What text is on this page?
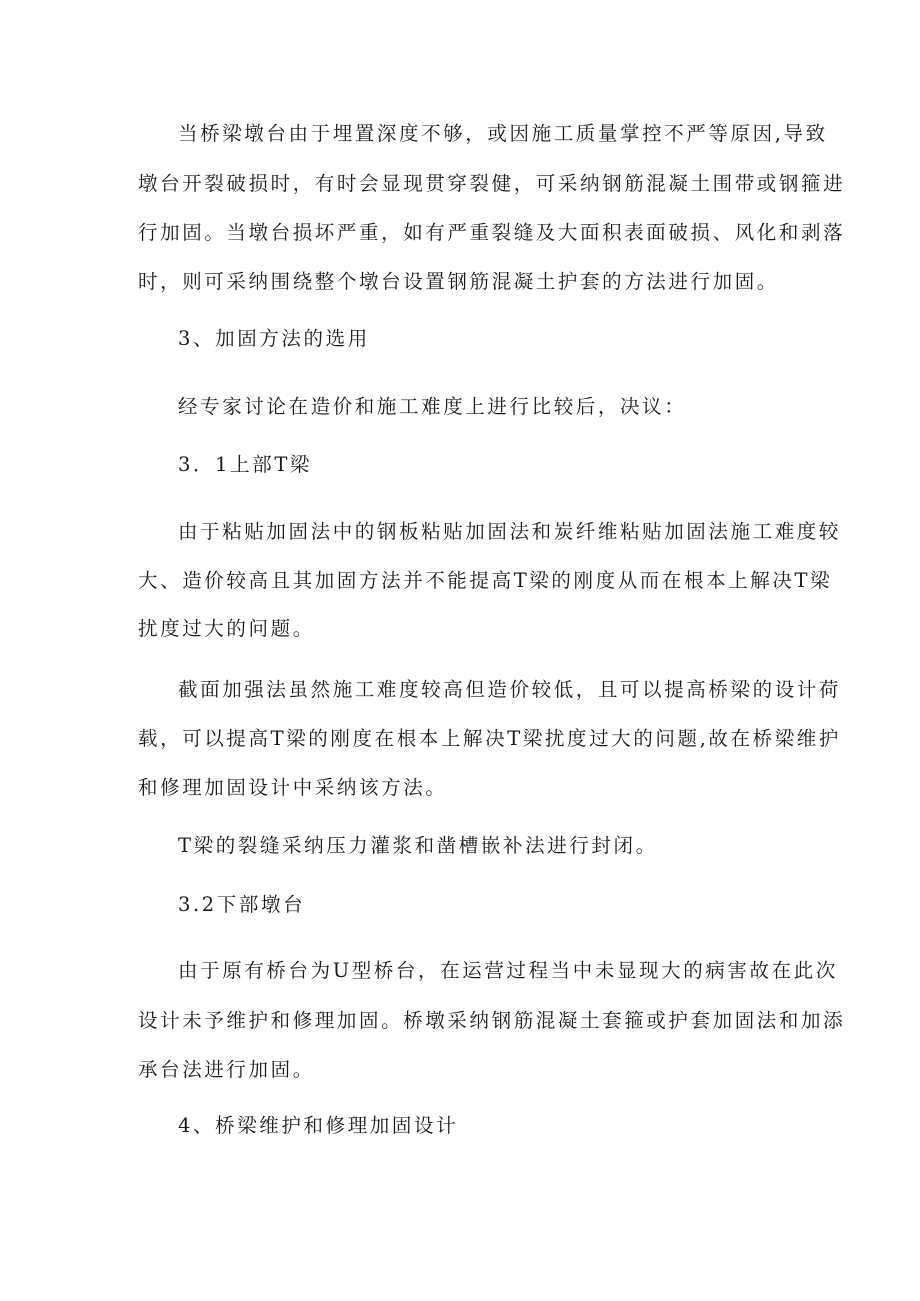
当桥梁墩台由于埋置深度不够，或因施工质量掌控不严等原因,导致
墩台开裂破损时，有时会显现贯穿裂健，可采纳钢筋混凝土围带或钢箍进
行加固。当墩台损坏严重，如有严重裂缝及大面积表面破损、风化和剥落
时，则可采纳围绕整个墩台设置钢筋混凝土护套的方法进行加固。
3、加固方法的选用
经专家讨论在造价和施工难度上进行比较后，决议：
3．1上部T梁
由于粘贴加固法中的钢板粘贴加固法和炭纤维粘贴加固法施工难度较
大、造价较高且其加固方法并不能提高T梁的刚度从而在根本上解决T梁
扰度过大的问题。
截面加强法虽然施工难度较高但造价较低，且可以提高桥梁的设计荷
载，可以提高T梁的刚度在根本上解决T梁扰度过大的问题,故在桥梁维护
和修理加固设计中采纳该方法。
T梁的裂缝采纳压力灌浆和凿槽嵌补法进行封闭。
3.2下部墩台
由于原有桥台为U型桥台，在运营过程当中未显现大的病害故在此次
设计未予维护和修理加固。桥墩采纳钢筋混凝土套箍或护套加固法和加添
承台法进行加固。
4、桥梁维护和修理加固设计
